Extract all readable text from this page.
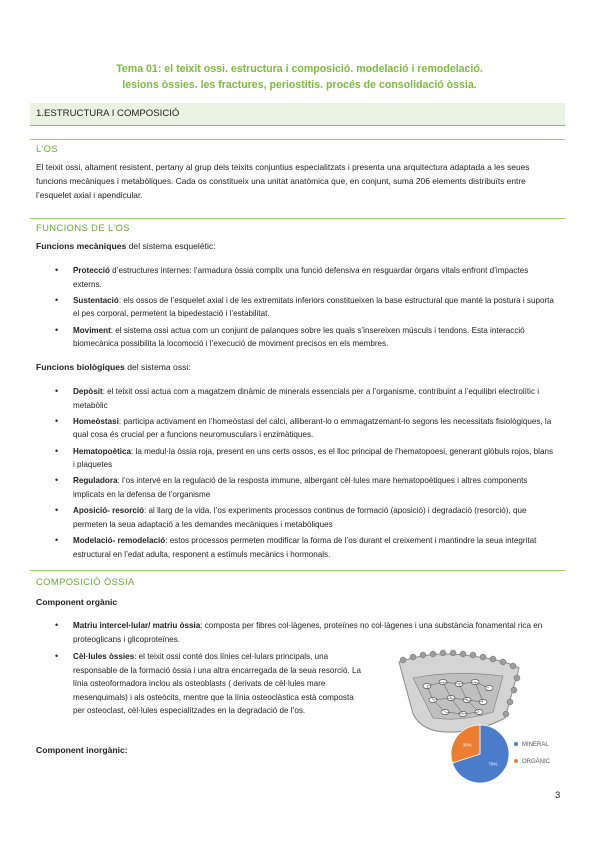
Tema 01: el teixit ossi. estructura i composició. modelació i remodelació.
lesions òssies. les fractures, periostitis. procés de consolidació òssia.
1.ESTRUCTURA I COMPOSICIÓ
L’OS
El teixit ossi, altament resistent, pertany al grup dels teixits conjuntius especialitzats i presenta una arquitectura adaptada a les seues funcions mecàniques i metabòliques. Cada os constitueix una unitat anatòmica que, en conjunt, suma 206 elements distribuïts entre l’esquelet axial i apendicular.
FUNCIONS DE L’OS
Funcions mecàniques del sistema esquelètic:
• Protecció d’estructures internes: l’armadura òssia complix una funció defensiva en resguardar òrgans vitals enfront d’impactes externs.
• Sustentació: els ossos de l’esquelet axial i de les extremitats inferiors constitueixen la base estructural que manté la postura i suporta el pes corporal, permetent la bipedestació i l’estabilitat.
• Moviment: el sistema ossi actua com un conjunt de palanques sobre les quals s’insereixen músculs i tendons. Esta interacció biomecànica possibilita la locomoció i l’execució de moviment precisos en els membres.
Funcions biològiques del sistema ossi:
• Depòsit: el teixit ossi actua com a magatzem dinàmic de minerals essencials per a l’organisme, contribuint a l’equilibri electrolític i metabòlic
• Homeòstasi: participa activament en l’homeòstasi del calci, alliberant-lo o emmagatzemant-lo segons les necessitats fisiològiques, la qual cosa és crucial per a funcions neuromusculars i enzimàtiques.
• Hematopoètica: la medul·la òssia roja, present en uns certs ossos, es el lloc principal de l’hematopoesi, generant glòbuls rojos, blans i plaquetes
• Reguladora: l’os intervé en la regulació de la resposta immune, albergant cèl·lules mare hematopoètiques i altres components implicats en la defensa de l’organisme
• Aposició- resorció: al llarg de la vida, l’os experiments processos continus de formació (aposició) i degradació (resorció), que permeten la seua adaptació a les demandes mecàniques i metabòliques
• Modelació- remodelació: estos processos permeten modificar la forma de l’os durant el creixement i mantindre la seua integritat estructural en l’edat adulta, responent a estímuls mecànics i hormonals.
COMPOSICIÓ ÒSSIA
Component orgànic
• Matriu intercel·lular/ matriu òssia: composta per fibres col·làgenes, proteïnes no col·làgenes i una substància fonamental rica en proteoglicans i glicoproteïnes.
• Cèl·lules òssies: el teixit ossi conté dos línies cel·lulars principals, una responsable de la formació òssia i una altra encarregada de la seua resorció. La línia osteoformadora inclou als osteoblasts ( derivats de cèl·lules mare mesenquimals) i als osteòcits, mentre que la línia osteoclàstica està composta per osteoclast, cèl·lules especialitzades en la degradació de l’os.
Component inorgànic:
70%
30%	MINERAL
ORGÀNIC
3
